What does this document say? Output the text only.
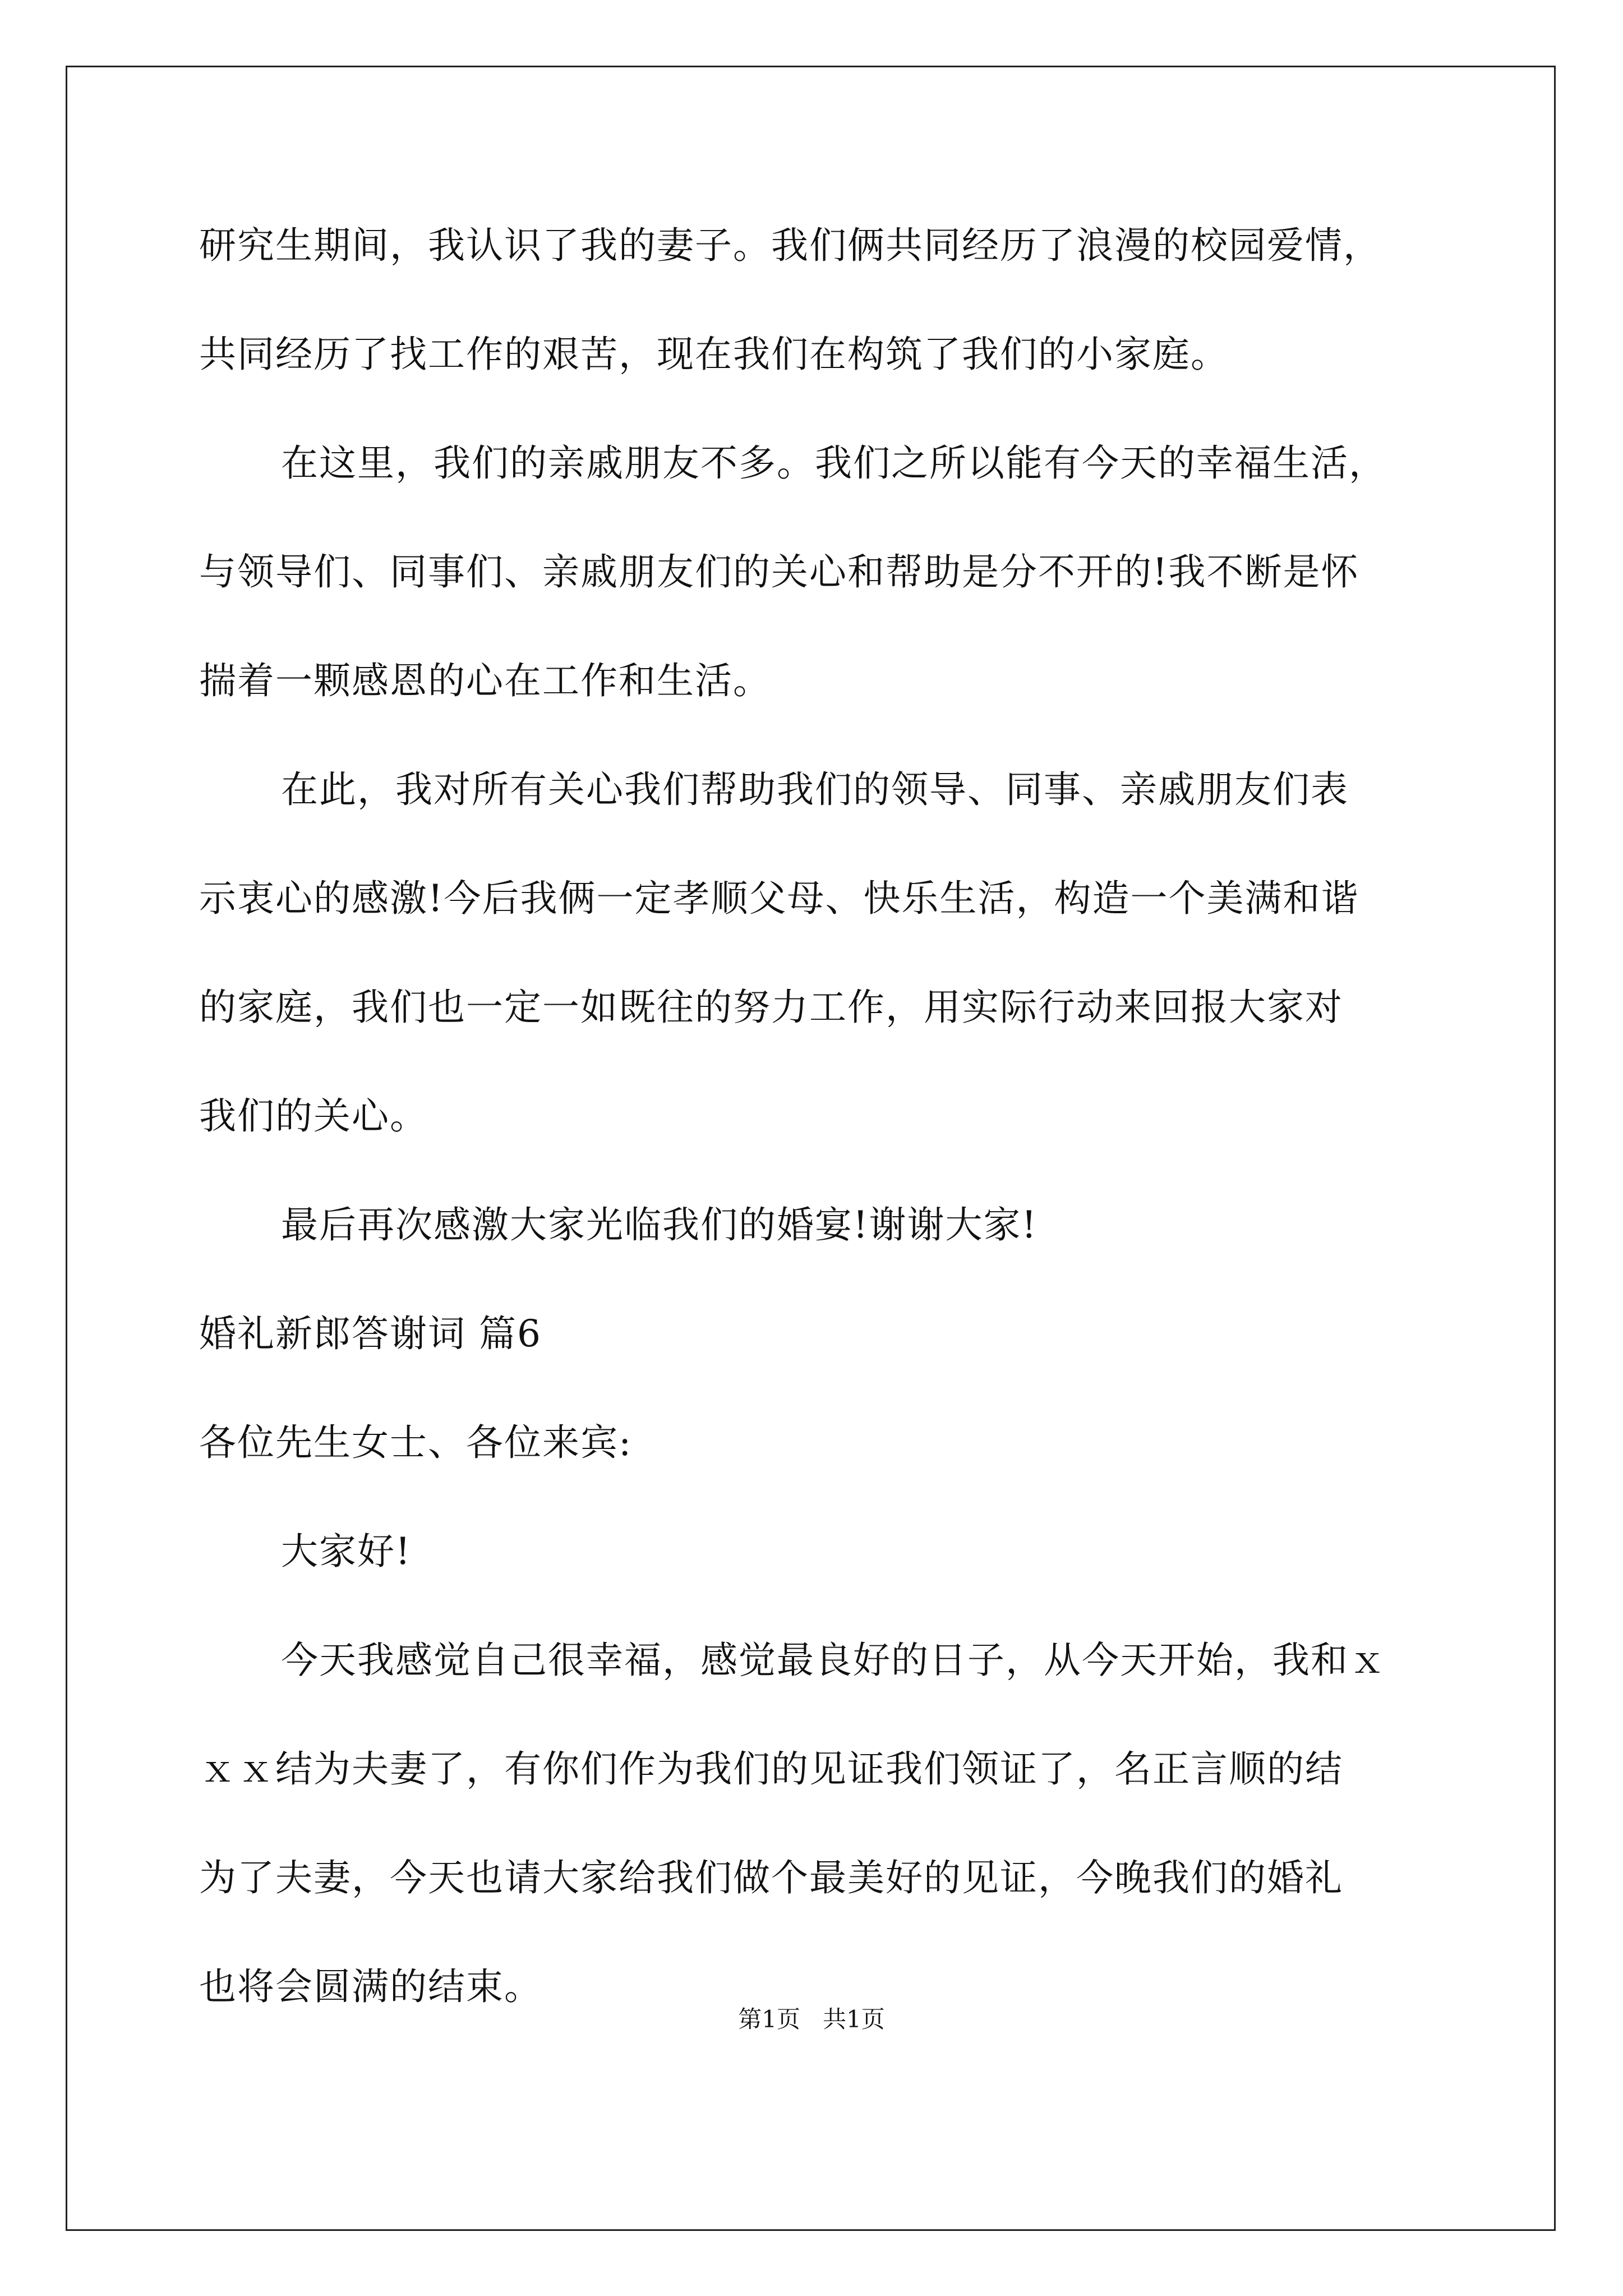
研究生期间，我认识了我的妻子。我们俩共同经历了浪漫的校园爱情，
共同经历了找工作的艰苦，现在我们在构筑了我们的小家庭。
在这里，我们的亲戚朋友不多。我们之所以能有今天的幸福生活，
与领导们、同事们、亲戚朋友们的关心和帮助是分不开的!我不断是怀
揣着一颗感恩的心在工作和生活。
在此，我对所有关心我们帮助我们的领导、同事、亲戚朋友们表
示衷心的感激!今后我俩一定孝顺父母、快乐生活，构造一个美满和谐
的家庭，我们也一定一如既往的努力工作，用实际行动来回报大家对
我们的关心。
最后再次感激大家光临我们的婚宴!谢谢大家!
婚礼新郎答谢词 篇6
各位先生女士、各位来宾:
大家好!
今天我感觉自己很幸福，感觉最良好的日子，从今天开始，我和ｘ
ｘｘ结为夫妻了，有你们作为我们的见证我们领证了，名正言顺的结
为了夫妻，今天也请大家给我们做个最美好的见证，今晚我们的婚礼
也将会圆满的结束。
第1页   共1页
